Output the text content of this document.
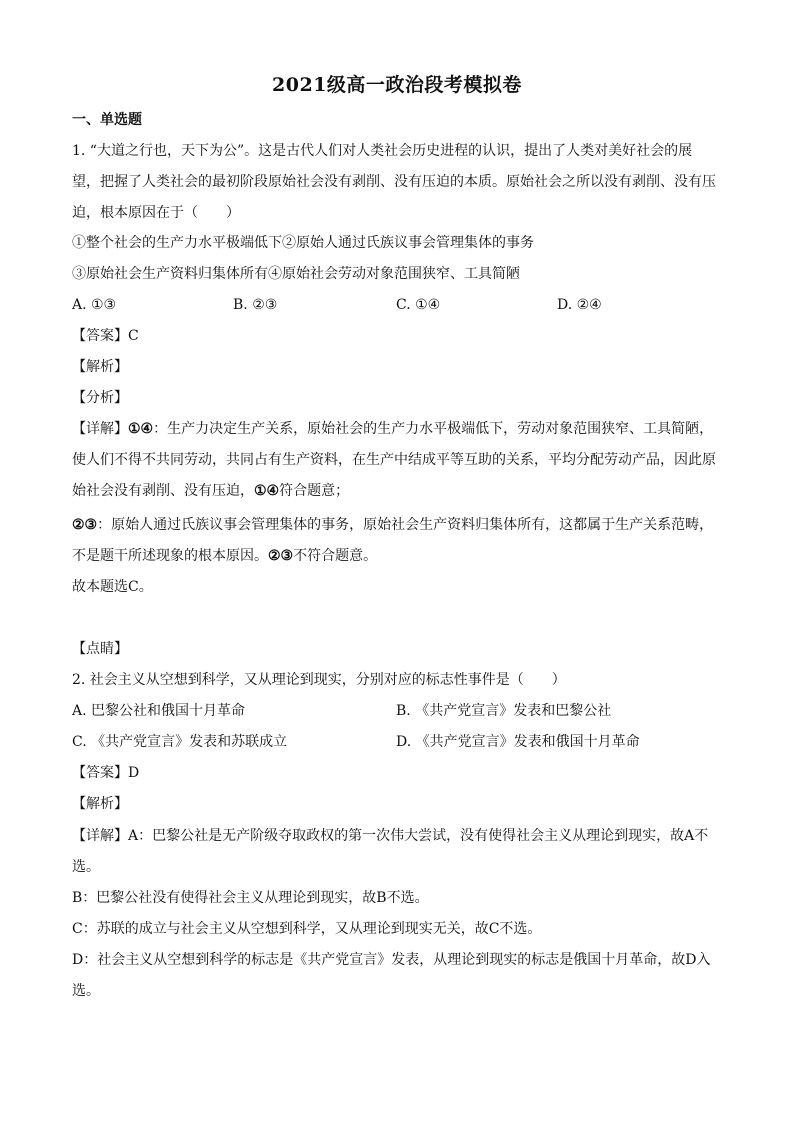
2021级高一政治段考模拟卷
一、单选题
1. “大道之行也，天下为公”。这是古代人们对人类社会历史进程的认识，提出了人类对美好社会的展
望，把握了人类社会的最初阶段原始社会没有剥削、没有压迫的本质。原始社会之所以没有剥削、没有压
迫，根本原因在于（　　）
①整个社会的生产力水平极端低下②原始人通过氏族议事会管理集体的事务
③原始社会生产资料归集体所有④原始社会劳动对象范围狭窄、工具简陋
A. ①③	B. ②③	C. ①④	D. ②④
【答案】C
【解析】
【分析】
【详解】①④：生产力决定生产关系，原始社会的生产力水平极端低下，劳动对象范围狭窄、工具简陋，
使人们不得不共同劳动，共同占有生产资料，在生产中结成平等互助的关系，平均分配劳动产品，因此原
始社会没有剥削、没有压迫，①④符合题意；
②③：原始人通过氏族议事会管理集体的事务，原始社会生产资料归集体所有，这都属于生产关系范畴，
不是题干所述现象的根本原因。②③不符合题意。
故本题选C。
【点睛】
2. 社会主义从空想到科学，又从理论到现实，分别对应的标志性事件是（　　）
A. 巴黎公社和俄国十月革命	B. 《共产党宣言》发表和巴黎公社
C. 《共产党宣言》发表和苏联成立	D. 《共产党宣言》发表和俄国十月革命
【答案】D
【解析】
【详解】A：巴黎公社是无产阶级夺取政权的第一次伟大尝试，没有使得社会主义从理论到现实，故A不
选。
B：巴黎公社没有使得社会主义从理论到现实，故B不选。
C：苏联的成立与社会主义从空想到科学，又从理论到现实无关，故C不选。
D：社会主义从空想到科学的标志是《共产党宣言》发表，从理论到现实的标志是俄国十月革命，故D入
选。
